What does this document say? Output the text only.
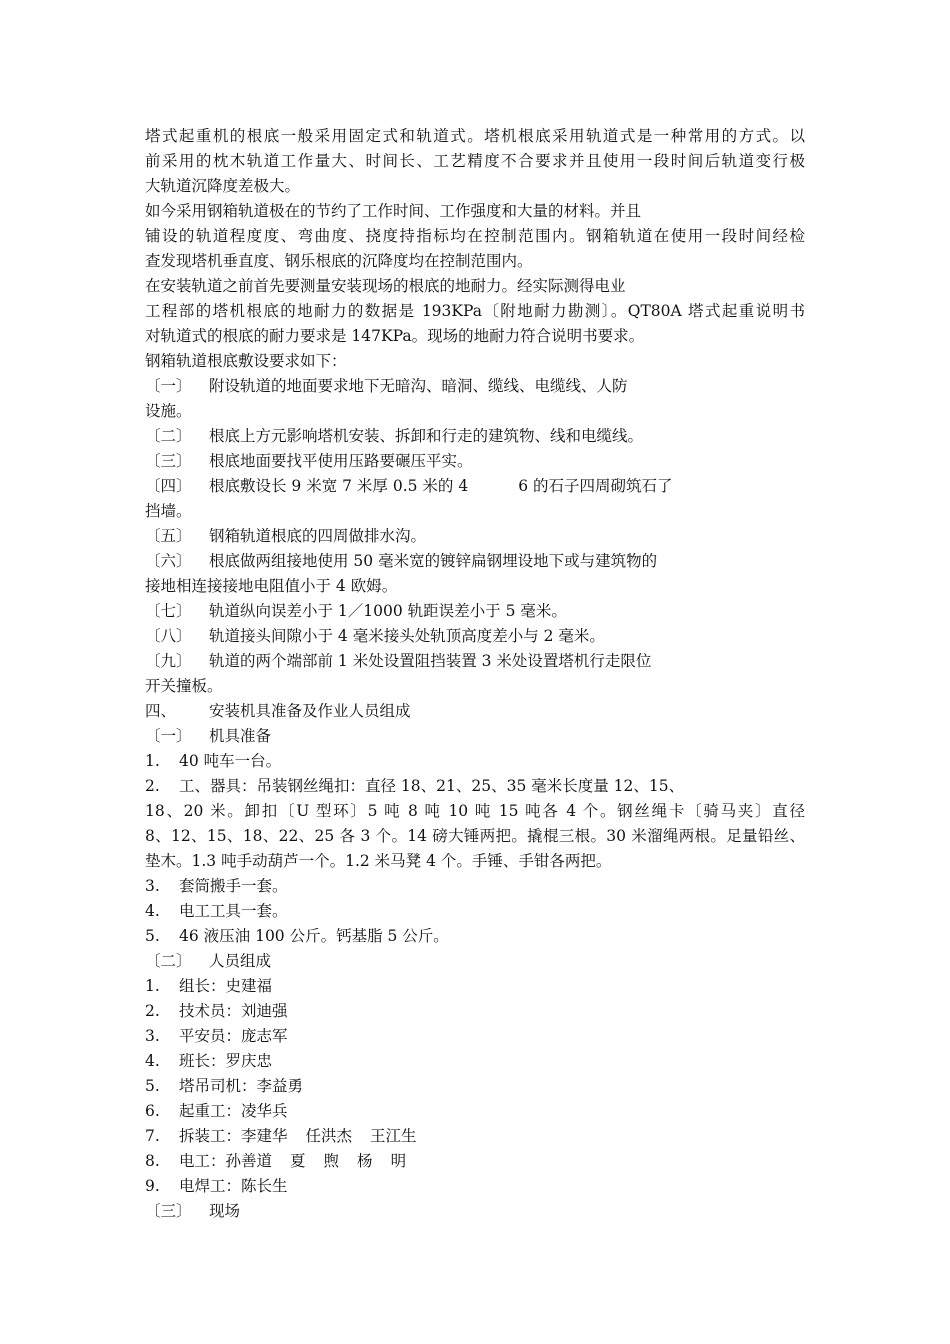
塔式起重机的根底一般采用固定式和轨道式。塔机根底采用轨道式是一种常用的方式。以
前采用的枕木轨道工作量大、时间长、工艺精度不合要求并且使用一段时间后轨道变行极
大轨道沉降度差极大。
如今采用钢箱轨道极在的节约了工作时间、工作强度和大量的材料。并且
铺设的轨道程度度、弯曲度、挠度持指标均在控制范围内。钢箱轨道在使用一段时间经检
查发现塔机垂直度、钢乐根底的沉降度均在控制范围内。
在安装轨道之前首先要测量安装现场的根底的地耐力。经实际测得电业
工程部的塔机根底的地耐力的数据是 193KPa〔附地耐力勘测〕。QT80A 塔式起重说明书
对轨道式的根底的耐力要求是 147KPa。现场的地耐力符合说明书要求。
钢箱轨道根底敷设要求如下：
〔一〕 附设轨道的地面要求地下无暗沟、暗洞、缆线、电缆线、人防
设施。
〔二〕 根底上方元影响塔机安装、拆卸和行走的建筑物、线和电缆线。
〔三〕 根底地面要找平使用压路要碾压平实。
〔四〕 根底敷设长 9 米宽 7 米厚 0.5 米的 4	6 的石子四周砌筑石了
挡墙。
〔五〕 钢箱轨道根底的四周做排水沟。
〔六〕 根底做两组接地使用 50 毫米宽的镀锌扁钢埋设地下或与建筑物的
接地相连接接地电阻值小于 4 欧姆。
〔七〕 轨道纵向误差小于 1／1000 轨距误差小于 5 毫米。
〔八〕 轨道接头间隙小于 4 毫米接头处轨顶高度差小与 2 毫米。
〔九〕 轨道的两个端部前 1 米处设置阻挡装置 3 米处设置塔机行走限位
开关撞板。
四、 安装机具准备及作业人员组成
〔一〕 机具准备
1. 40 吨车一台。
2. 工、器具：吊装钢丝绳扣：直径 18、21、25、35 毫米长度量 12、15、
18、20 米。卸扣〔U 型环〕5 吨 8 吨 10 吨 15 吨各 4 个。钢丝绳卡〔骑马夹〕直径
8、12、15、18、22、25 各 3 个。14 磅大锤两把。撬棍三根。30 米溜绳两根。足量铅丝、
垫木。1.3 吨手动葫芦一个。1.2 米马凳 4 个。手锤、手钳各两把。
3. 套筒搬手一套。
4. 电工工具一套。
5. 46 液压油 100 公斤。钙基脂 5 公斤。
〔二〕 人员组成
1. 组长：史建福
2. 技术员：刘迪强
3. 平安员：庞志军
4. 班长：罗庆忠
5. 塔吊司机：李益勇
6. 起重工：凌华兵
7. 拆装工：李建华 任洪杰 王江生
8. 电工：孙善道 夏 煦 杨 明
9. 电焊工：陈长生
〔三〕 现场
